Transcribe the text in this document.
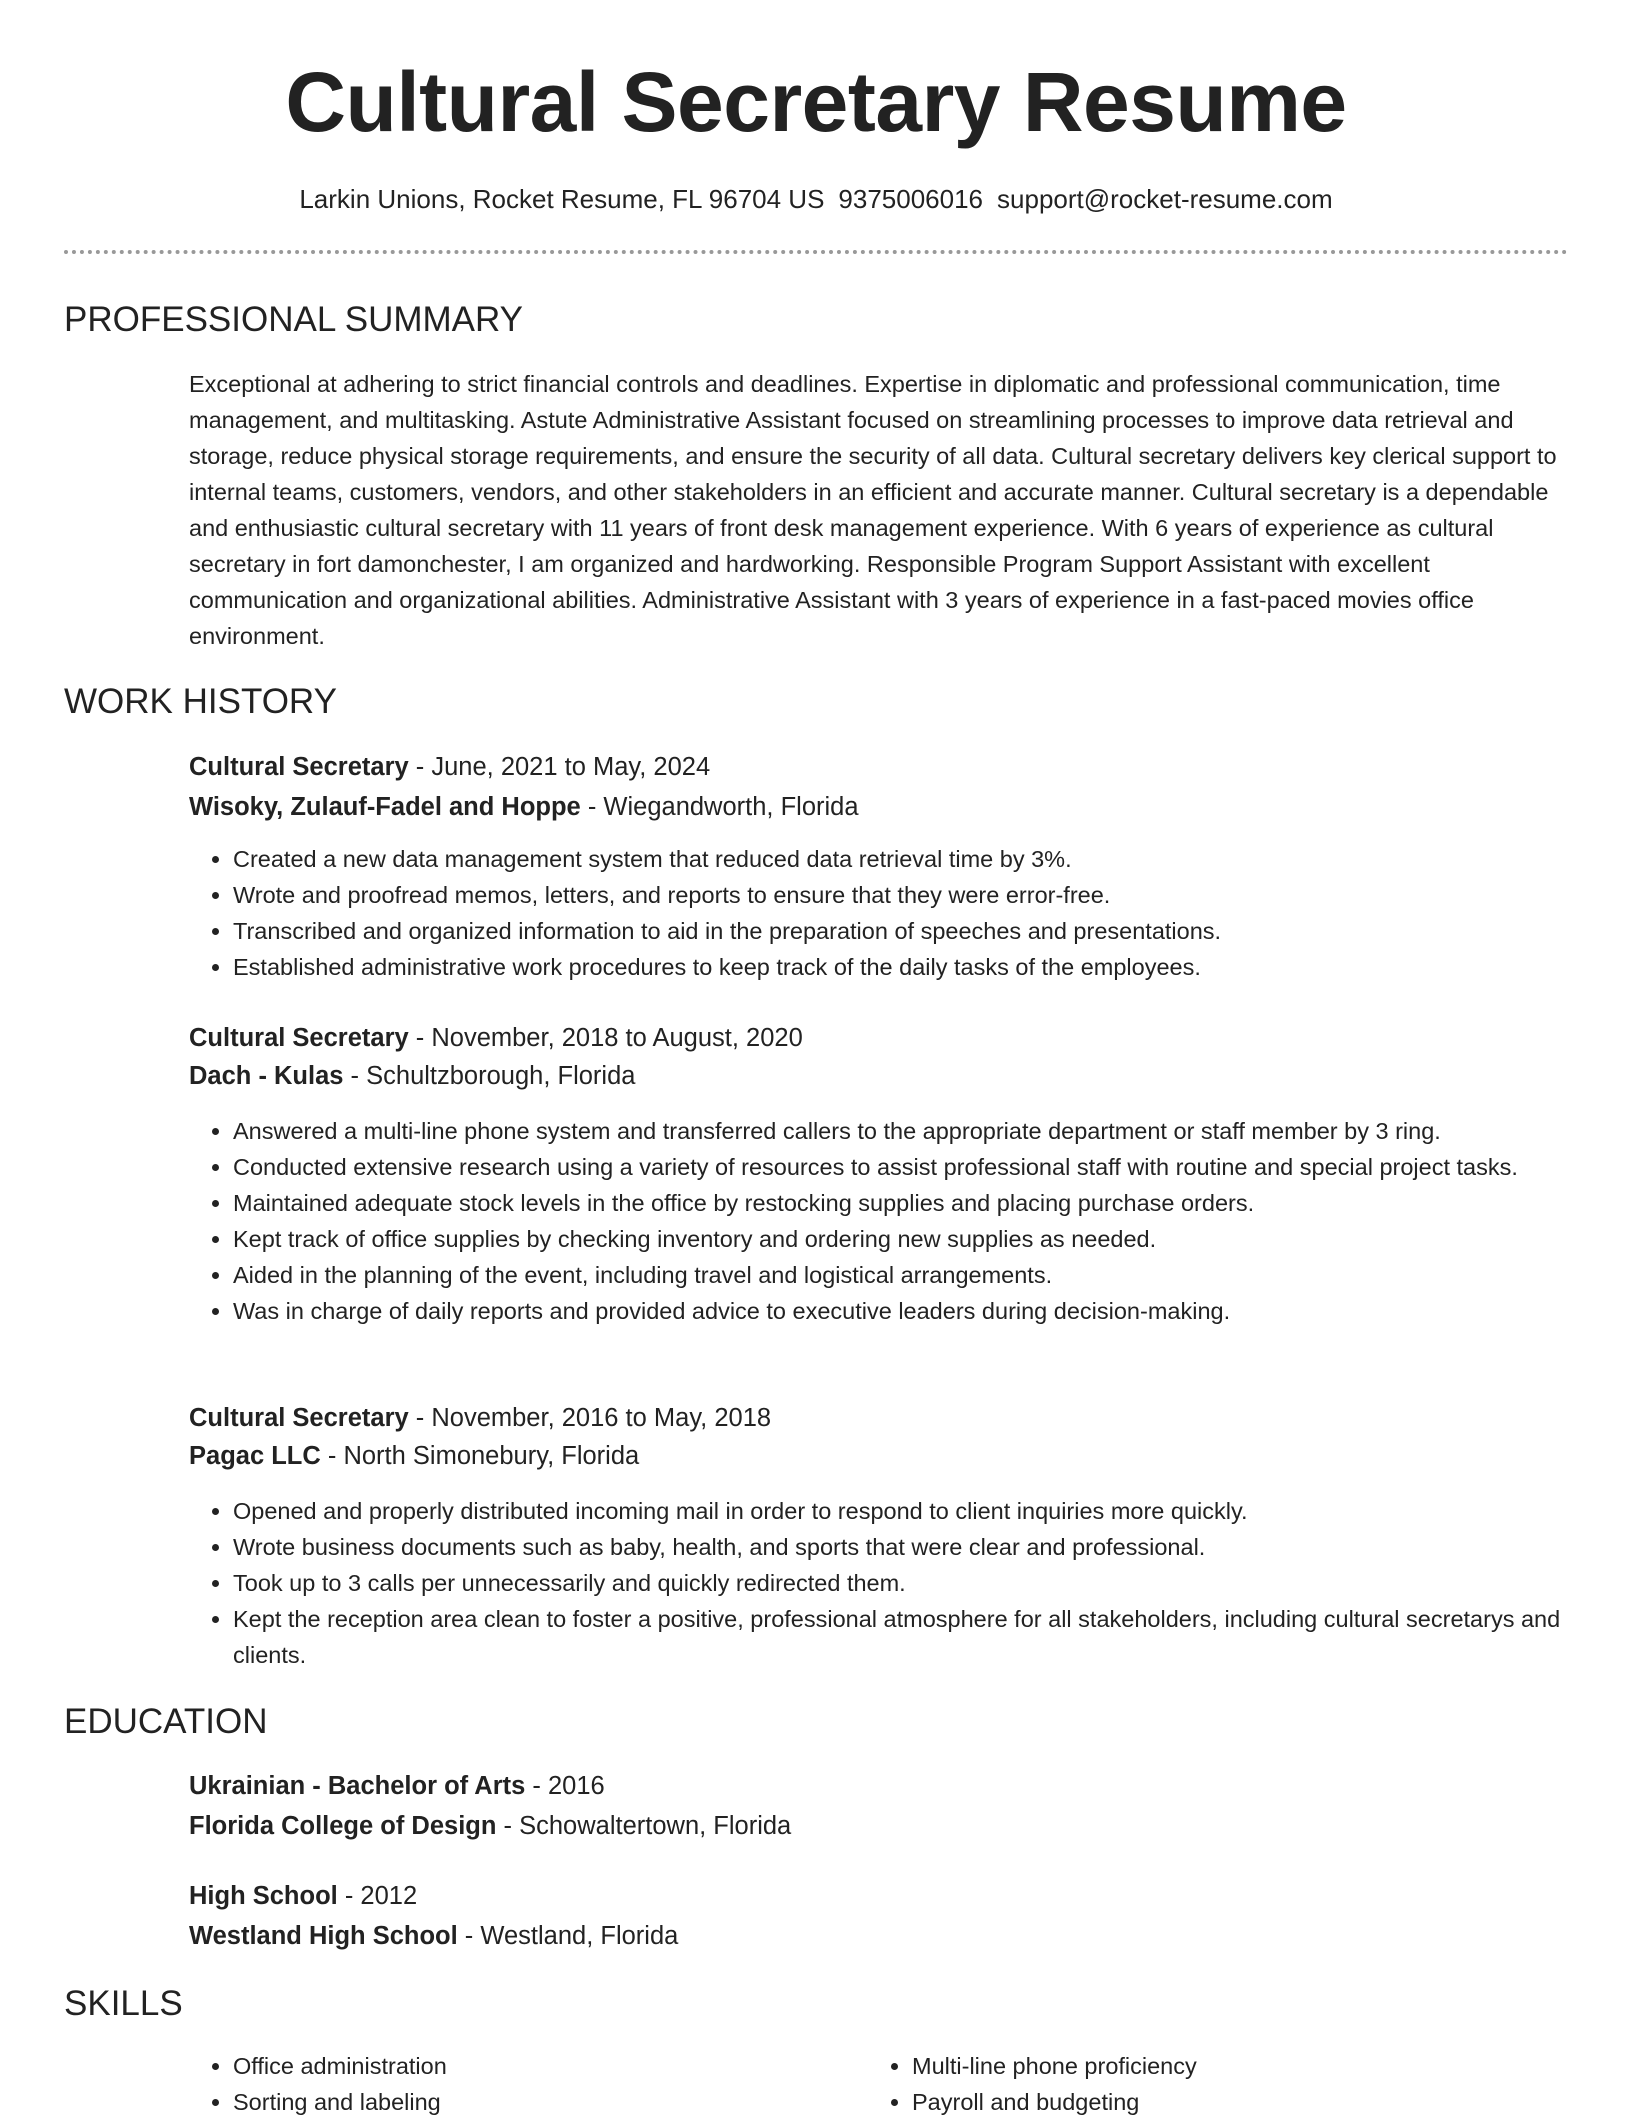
Cultural Secretary Resume
Larkin Unions, Rocket Resume, FL 96704 US 9375006016 support@rocket-resume.com
PROFESSIONAL SUMMARY

Exceptional at adhering to strict financial controls and deadlines. Expertise in diplomatic and professional communication, time management, and multitasking. Astute Administrative Assistant focused on streamlining processes to improve data retrieval and storage, reduce physical storage requirements, and ensure the security of all data. Cultural secretary delivers key clerical support to internal teams, customers, vendors, and other stakeholders in an efficient and accurate manner. Cultural secretary is a dependable and enthusiastic cultural secretary with 11 years of front desk management experience. With 6 years of experience as cultural secretary in fort damonchester, I am organized and hardworking. Responsible Program Support Assistant with excellent communication and organizational abilities. Administrative Assistant with 3 years of experience in a fast-paced movies office environment.

WORK HISTORY
Cultural Secretary - June, 2021 to May, 2024
Wisoky, Zulauf-Fadel and Hoppe - Wiegandworth, Florida
• Created a new data management system that reduced data retrieval time by 3%.
• Wrote and proofread memos, letters, and reports to ensure that they were error-free.
• Transcribed and organized information to aid in the preparation of speeches and presentations.
• Established administrative work procedures to keep track of the daily tasks of the employees.
Cultural Secretary - November, 2018 to August, 2020
Dach - Kulas - Schultzborough, Florida
• Answered a multi-line phone system and transferred callers to the appropriate department or staff member by 3 ring.
• Conducted extensive research using a variety of resources to assist professional staff with routine and special project tasks.
• Maintained adequate stock levels in the office by restocking supplies and placing purchase orders.
• Kept track of office supplies by checking inventory and ordering new supplies as needed.
• Aided in the planning of the event, including travel and logistical arrangements.
• Was in charge of daily reports and provided advice to executive leaders during decision-making.
Cultural Secretary - November, 2016 to May, 2018
Pagac LLC - North Simonebury, Florida
• Opened and properly distributed incoming mail in order to respond to client inquiries more quickly.
• Wrote business documents such as baby, health, and sports that were clear and professional.
• Took up to 3 calls per unnecessarily and quickly redirected them.
• Kept the reception area clean to foster a positive, professional atmosphere for all stakeholders, including cultural secretarys and clients.
EDUCATION
Ukrainian - Bachelor of Arts - 2016
Florida College of Design - Schowaltertown, Florida
High School - 2012
Westland High School - Westland, Florida
SKILLS
• Office administration
• Sorting and labeling
• Multi-line phone proficiency
• Payroll and budgeting
